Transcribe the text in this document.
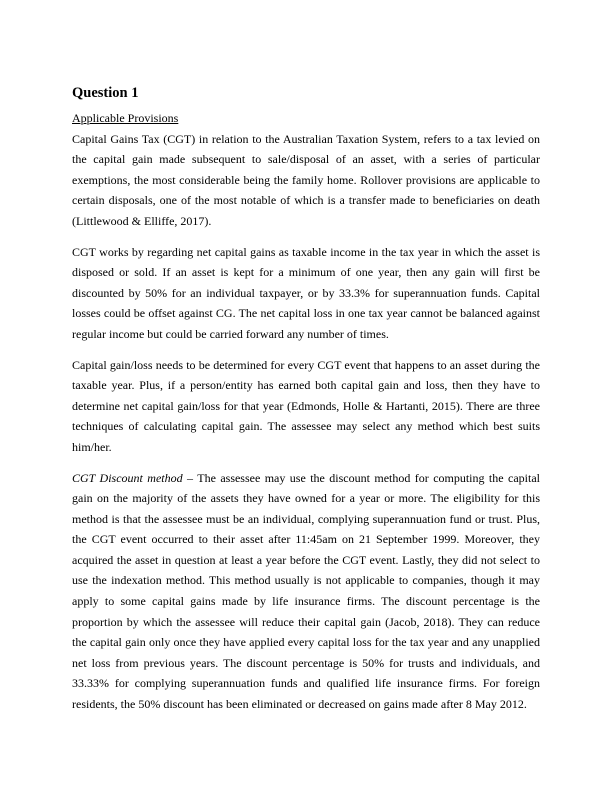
Question 1
Applicable Provisions

Capital Gains Tax (CGT) in relation to the Australian Taxation System, refers to a tax levied on the capital gain made subsequent to sale/disposal of an asset, with a series of particular exemptions, the most considerable being the family home. Rollover provisions are applicable to certain disposals, one of the most notable of which is a transfer made to beneficiaries on death (Littlewood & Elliffe, 2017).

CGT works by regarding net capital gains as taxable income in the tax year in which the asset is disposed or sold. If an asset is kept for a minimum of one year, then any gain will first be discounted by 50% for an individual taxpayer, or by 33.3% for superannuation funds. Capital losses could be offset against CG. The net capital loss in one tax year cannot be balanced against regular income but could be carried forward any number of times.

Capital gain/loss needs to be determined for every CGT event that happens to an asset during the taxable year. Plus, if a person/entity has earned both capital gain and loss, then they have to determine net capital gain/loss for that year (Edmonds, Holle & Hartanti, 2015). There are three techniques of calculating capital gain. The assessee may select any method which best suits him/her.

CGT Discount method – The assessee may use the discount method for computing the capital gain on the majority of the assets they have owned for a year or more. The eligibility for this method is that the assessee must be an individual, complying superannuation fund or trust. Plus, the CGT event occurred to their asset after 11:45am on 21 September 1999. Moreover, they acquired the asset in question at least a year before the CGT event. Lastly, they did not select to use the indexation method. This method usually is not applicable to companies, though it may apply to some capital gains made by life insurance firms. The discount percentage is the proportion by which the assessee will reduce their capital gain (Jacob, 2018). They can reduce the capital gain only once they have applied every capital loss for the tax year and any unapplied net loss from previous years. The discount percentage is 50% for trusts and individuals, and 33.33% for complying superannuation funds and qualified life insurance firms. For foreign residents, the 50% discount has been eliminated or decreased on gains made after 8 May 2012.
